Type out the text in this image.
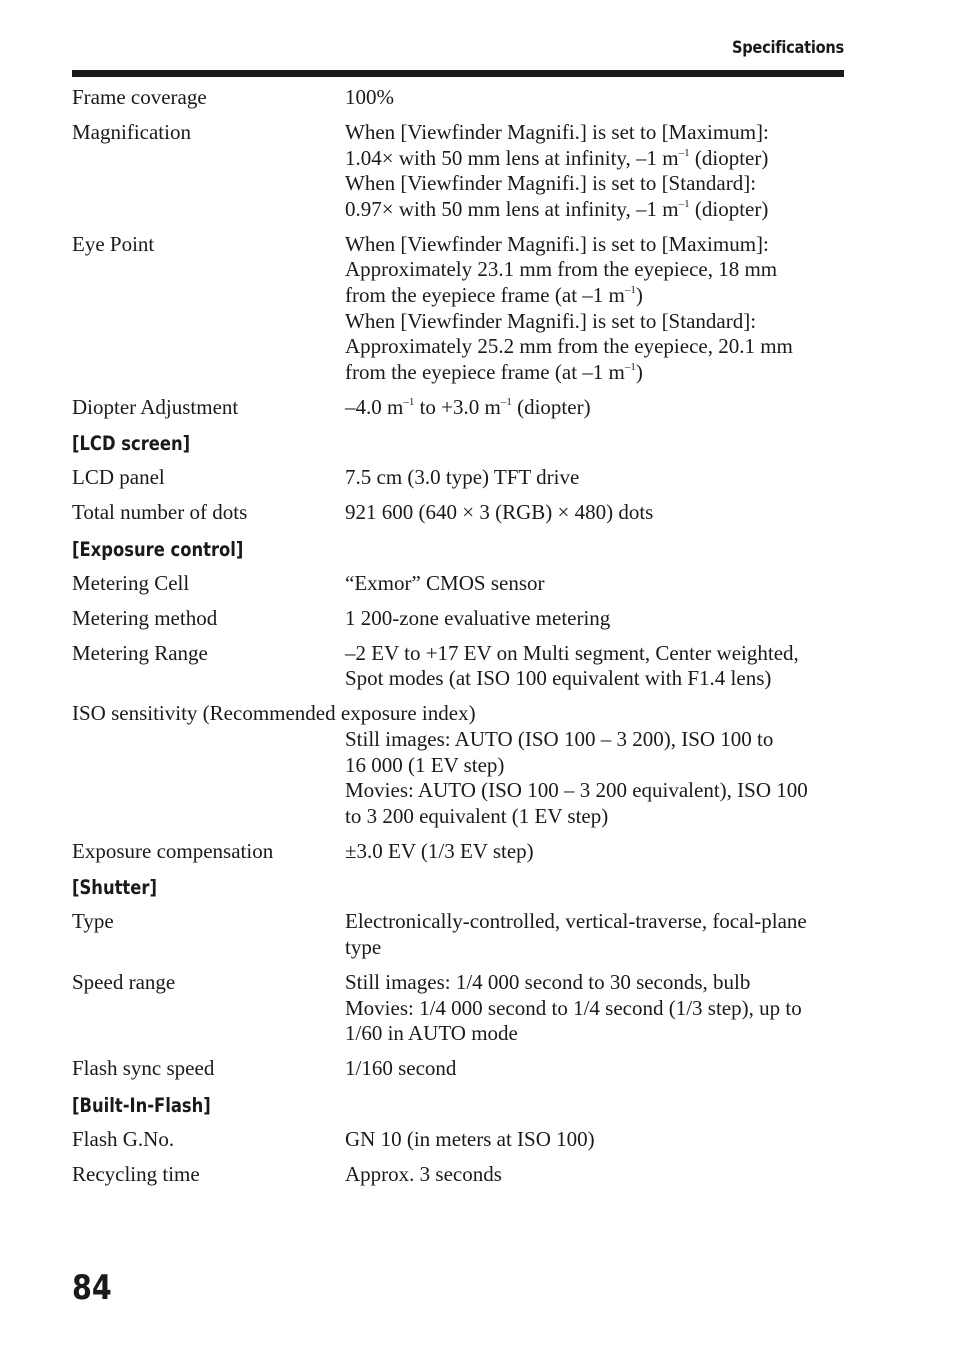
Specifications
Frame coverage	100%
Magnification	When [Viewfinder Magnifi.] is set to [Maximum]:
1.04× with 50 mm lens at infinity, –1 $m^{-1}$ (diopter)
When [Viewfinder Magnifi.] is set to [Standard]:
0.97× with 50 mm lens at infinity, –1 $m^{-1}$ (diopter)
Eye Point	When [Viewfinder Magnifi.] is set to [Maximum]:
Approximately 23.1 mm from the eyepiece, 18 mm
from the eyepiece frame (at –1 $m^{-1}$)
When [Viewfinder Magnifi.] is set to [Standard]:
Approximately 25.2 mm from the eyepiece, 20.1 mm
from the eyepiece frame (at –1 $m^{-1}$)
Diopter Adjustment	–4.0 $m^{-1}$ to +3.0 $m^{-1}$ (diopter)
[LCD screen]
LCD panel	7.5 cm (3.0 type) TFT drive
Total number of dots	921 600 (640 × 3 (RGB) × 480) dots
[Exposure control]
Metering Cell	“Exmor” CMOS sensor
Metering method	1 200-zone evaluative metering
Metering Range	–2 EV to +17 EV on Multi segment, Center weighted,
Spot modes (at ISO 100 equivalent with F1.4 lens)
ISO sensitivity (Recommended exposure index)
Still images: AUTO (ISO 100 – 3 200), ISO 100 to
16 000 (1 EV step)
Movies: AUTO (ISO 100 – 3 200 equivalent), ISO 100
to 3 200 equivalent (1 EV step)
Exposure compensation	±3.0 EV (1/3 EV step)
[Shutter]
Type	Electronically-controlled, vertical-traverse, focal-plane
type
Speed range	Still images: 1/4 000 second to 30 seconds, bulb
Movies: 1/4 000 second to 1/4 second (1/3 step), up to
1/60 in AUTO mode
Flash sync speed	1/160 second
[Built-In-Flash]
Flash G.No.	GN 10 (in meters at ISO 100)
Recycling time	Approx. 3 seconds
84
